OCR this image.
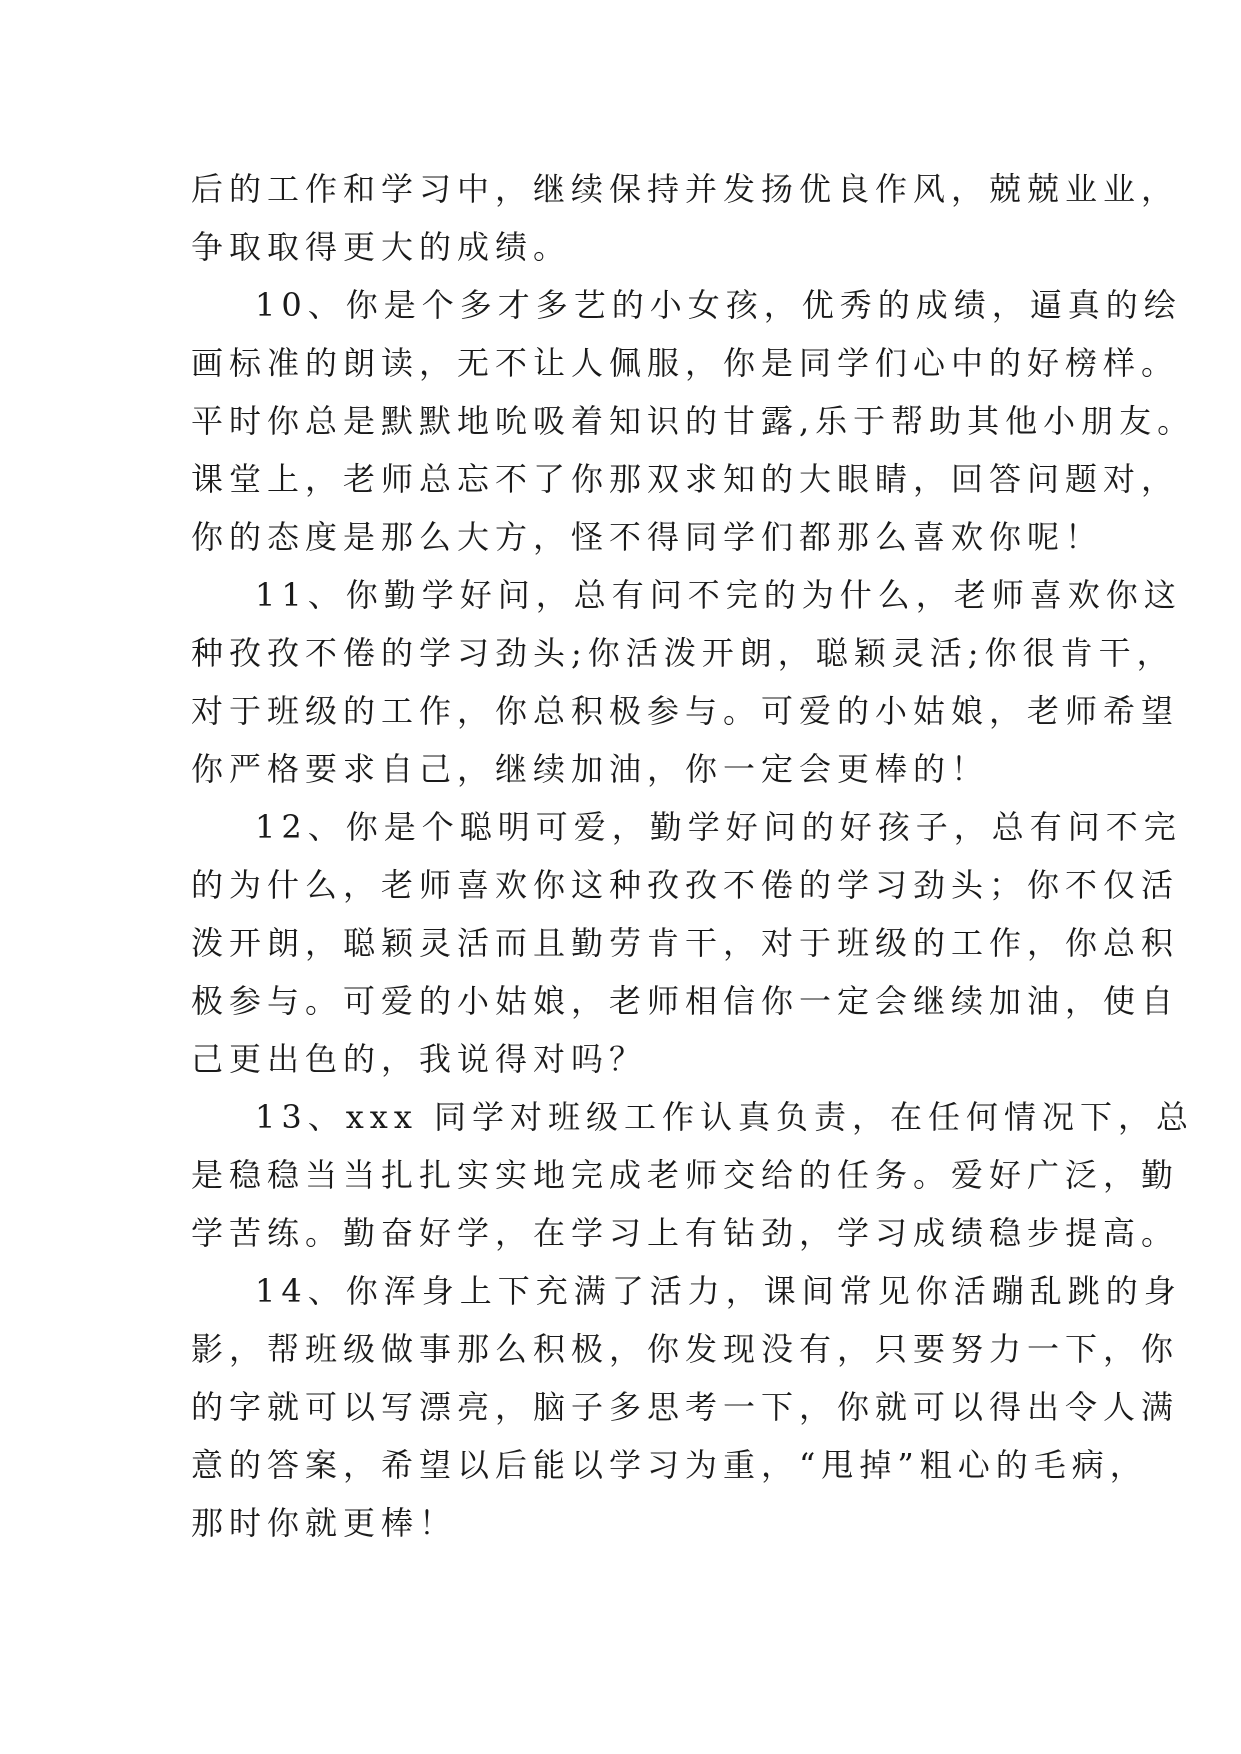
后的工作和学习中，继续保持并发扬优良作风，兢兢业业，
争取取得更大的成绩。
10、你是个多才多艺的小女孩，优秀的成绩，逼真的绘
画标准的朗读，无不让人佩服，你是同学们心中的好榜样。
平时你总是默默地吮吸着知识的甘露,乐于帮助其他小朋友。
课堂上，老师总忘不了你那双求知的大眼睛，回答问题对，
你的态度是那么大方，怪不得同学们都那么喜欢你呢！
11、你勤学好问，总有问不完的为什么，老师喜欢你这
种孜孜不倦的学习劲头;你活泼开朗，聪颖灵活;你很肯干，
对于班级的工作，你总积极参与。可爱的小姑娘，老师希望
你严格要求自己，继续加油，你一定会更棒的！
12、你是个聪明可爱，勤学好问的好孩子，总有问不完
的为什么，老师喜欢你这种孜孜不倦的学习劲头；你不仅活
泼开朗，聪颖灵活而且勤劳肯干，对于班级的工作，你总积
极参与。可爱的小姑娘，老师相信你一定会继续加油，使自
己更出色的，我说得对吗？
13、xxx 同学对班级工作认真负责，在任何情况下，总
是稳稳当当扎扎实实地完成老师交给的任务。爱好广泛，勤
学苦练。勤奋好学，在学习上有钻劲，学习成绩稳步提高。
14、你浑身上下充满了活力，课间常见你活蹦乱跳的身
影，帮班级做事那么积极，你发现没有，只要努力一下，你
的字就可以写漂亮，脑子多思考一下，你就可以得出令人满
意的答案，希望以后能以学习为重，“甩掉”粗心的毛病，
那时你就更棒！
